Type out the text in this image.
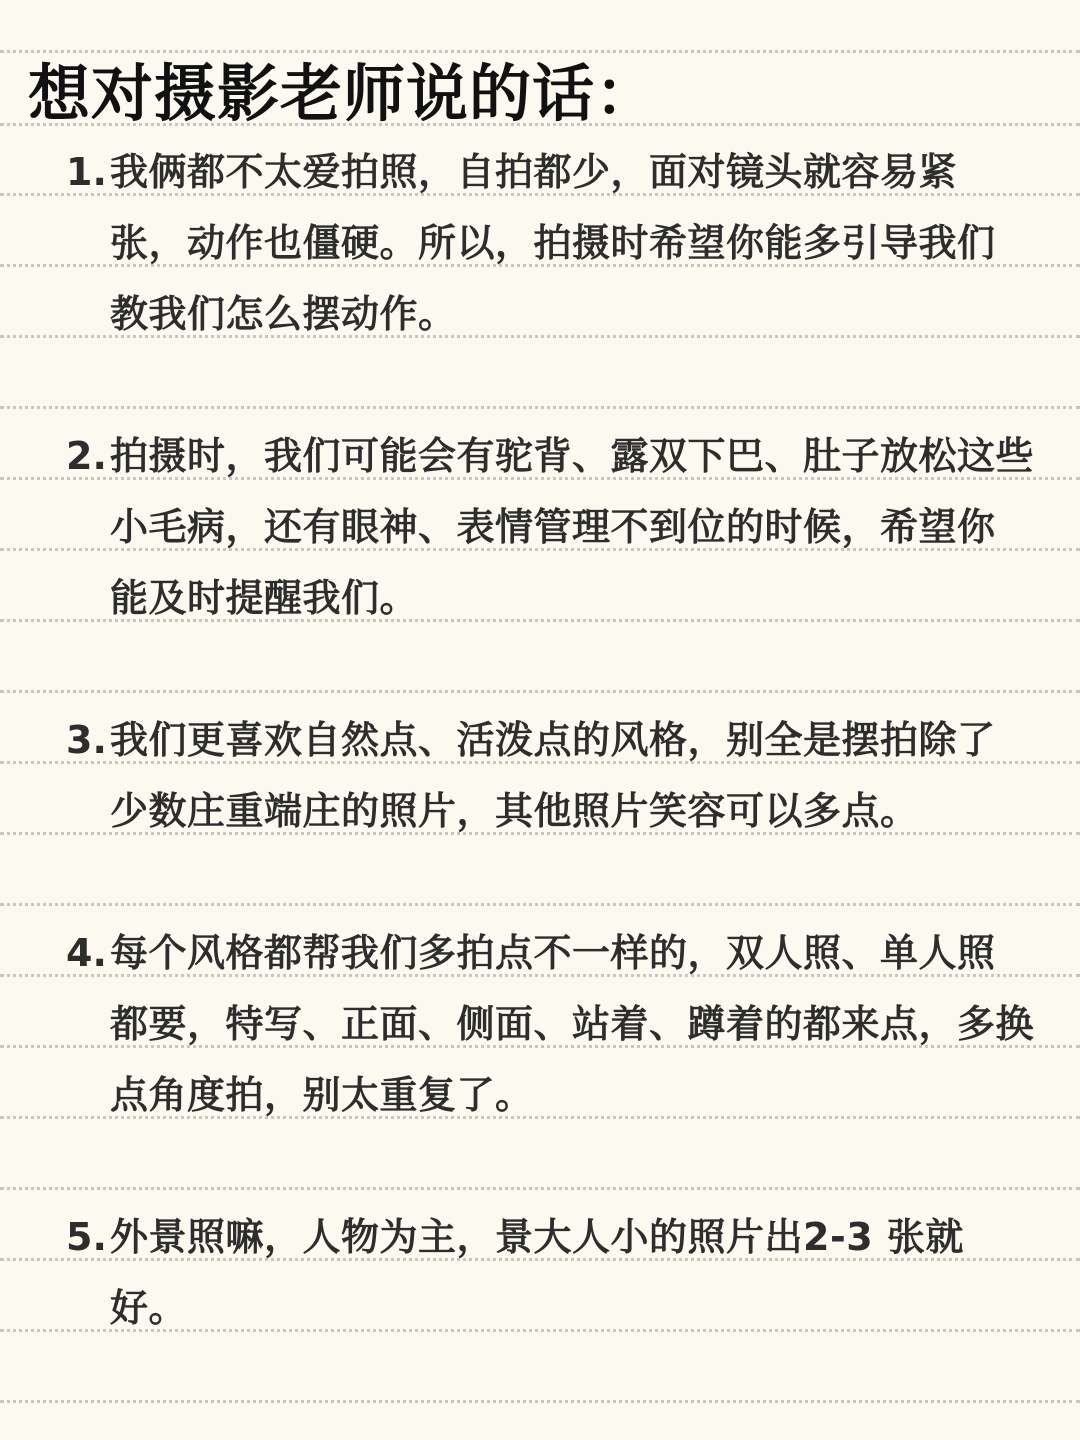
想对摄影老师说的话：
1. 我俩都不太爱拍照，自拍都少，面对镜头就容易紧
张，动作也僵硬。所以，拍摄时希望你能多引导我们
教我们怎么摆动作。
2. 拍摄时，我们可能会有驼背、露双下巴、肚子放松这些
小毛病，还有眼神、表情管理不到位的时候，希望你
能及时提醒我们。
3. 我们更喜欢自然点、活泼点的风格，别全是摆拍除了
少数庄重端庄的照片，其他照片笑容可以多点。
4. 每个风格都帮我们多拍点不一样的，双人照、单人照
都要，特写、正面、侧面、站着、蹲着的都来点，多换
点角度拍，别太重复了。
5. 外景照嘛，人物为主，景大人小的照片出2-3 张就
好。
